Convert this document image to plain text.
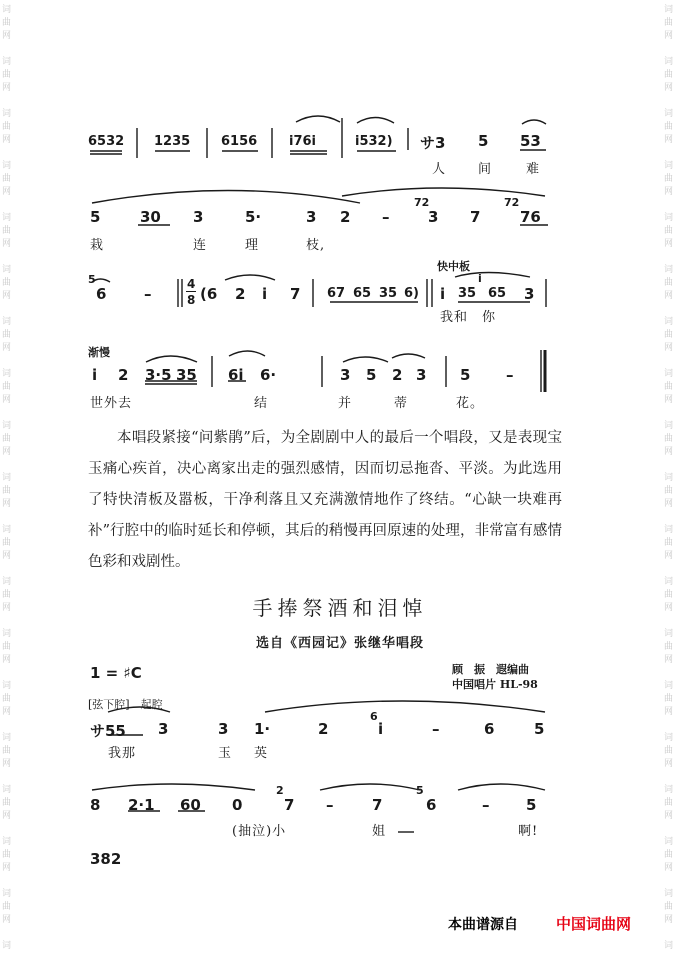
词
曲
网
词
曲
网
词
曲
网
词
曲
网
词
曲
网
词
曲
网
词
曲
网
词
曲
网
词
曲
网
词
曲
网
词
曲
网
词
曲
网
词
曲
网
词
曲
网
词
曲
网
词
曲
网
词
曲
网
词
曲
网
词
词
曲
网
词
曲
网
词
曲
网
词
曲
网
词
曲
网
词
曲
网
词
曲
网
词
曲
网
词
曲
网
词
曲
网
词
曲
网
词
曲
网
词
曲
网
词
曲
网
词
曲
网
词
曲
网
词
曲
网
词
曲
网
词
6532 1235 6156 i76i	i532) サ3 5 53
人 间	难
5	30 3	5·	3 2 –
72
3 7
72
76
栽	连	理	枝,
快中板
5
6	–
4
8 (6 2 i 7 67 65 35 6) i 35
i
65 3
我和 你
渐慢
i 2 3·5 35 6i 6·	3 5 2 3 5 –
世外去	结	并	蒂	花。
本唱段紧接“问紫鹃”后，为全剧剧中人的最后一个唱段，又是表现宝玉痛心疾首，决心离家出走的强烈感情，因而切忌拖沓、平淡。为此选用了特快清板及嚣板，干净利落且又充满激情地作了终结。“心缺一块难再补”行腔中的临时延长和停顿，其后的稍慢再回原速的处理，非常富有感情色彩和戏剧性。
手捧祭酒和泪悼
选自《西园记》张继华唱段
1 = ♯C	顾　振　遐编曲
中国唱片 HL-98
[弦下腔]　起腔
サ55 3	3 1·	2
6
i	–	6	5
我那	玉 英
8 2·1 60 0
2
7 –	7
5
6	– 5
(抽泣)小	姐	啊!
382
本曲谱源自	中国词曲网
